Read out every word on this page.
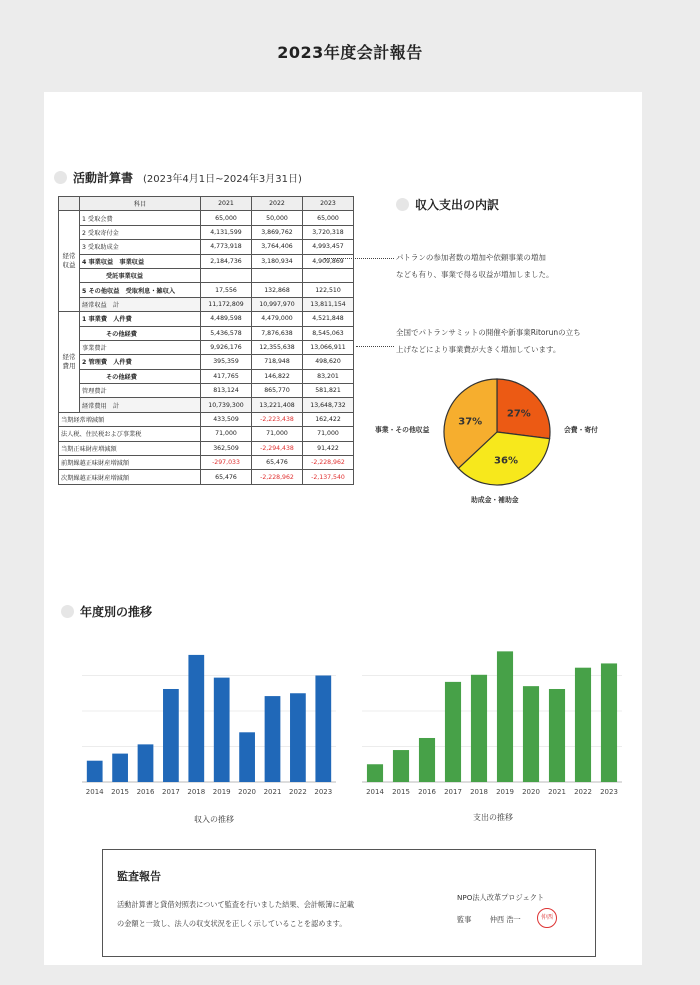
2023年度会計報告
活動計算書 (2023年4月1日~2024年3月31日)
	科目	2021	2022	2023
経常収益	1 受取会費	65,000	50,000	65,000
	2 受取寄付金	4,131,599	3,869,762	3,720,318
	3 受取助成金	4,773,918	3,764,406	4,993,457
	4 事業収益　事業収益	2,184,736	3,180,934	4,909,869
	受託事業収益			
	5 その他収益　受取利息・雑収入	17,556	132,868	122,510
	経常収益　計	11,172,809	10,997,970	13,811,154
経常費用	1 事業費　人件費	4,489,598	4,479,000	4,521,848
	その他経費	5,436,578	7,876,638	8,545,063
	事業費計	9,926,176	12,355,638	13,066,911
	2 管理費　人件費	395,359	718,948	498,620
	その他経費	417,765	146,822	83,201
	管理費計	813,124	865,770	581,821
	経常費用　計	10,739,300	13,221,408	13,648,732
当期経常増減額		433,509	-2,223,438	162,422
法人税、住民税および事業税		71,000	71,000	71,000
当期正味財産増減額		362,509	-2,294,438	91,422
前期繰越正味財産増減額		-297,033	65,476	-2,228,962
次期繰越正味財産増減額		65,476	-2,228,962	-2,137,540
収入支出の内訳
パトランの参加者数の増加や依頼事業の増加
なども有り、事業で得る収益が増加しました。
全国でパトランサミットの開催や新事業Ritorunの立ち
上げなどにより事業費が大きく増加しています。
27%
36%
37%
会費・寄付
助成金・補助金
事業・その他収益
年度別の推移
2014 2015 2016 2017 2018 2019 2020 2021 2022 2023	2014 2015 2016 2017 2018 2019 2020 2021 2022 2023
収入の推移	支出の推移
監査報告
活動計算書と貸借対照表について監査を行いました結果、会計帳簿に記載
の金額と一致し、法人の収支状況を正しく示していることを認めます。
NPO法人改革プロジェクト
監事	仲西 浩一	仲西
